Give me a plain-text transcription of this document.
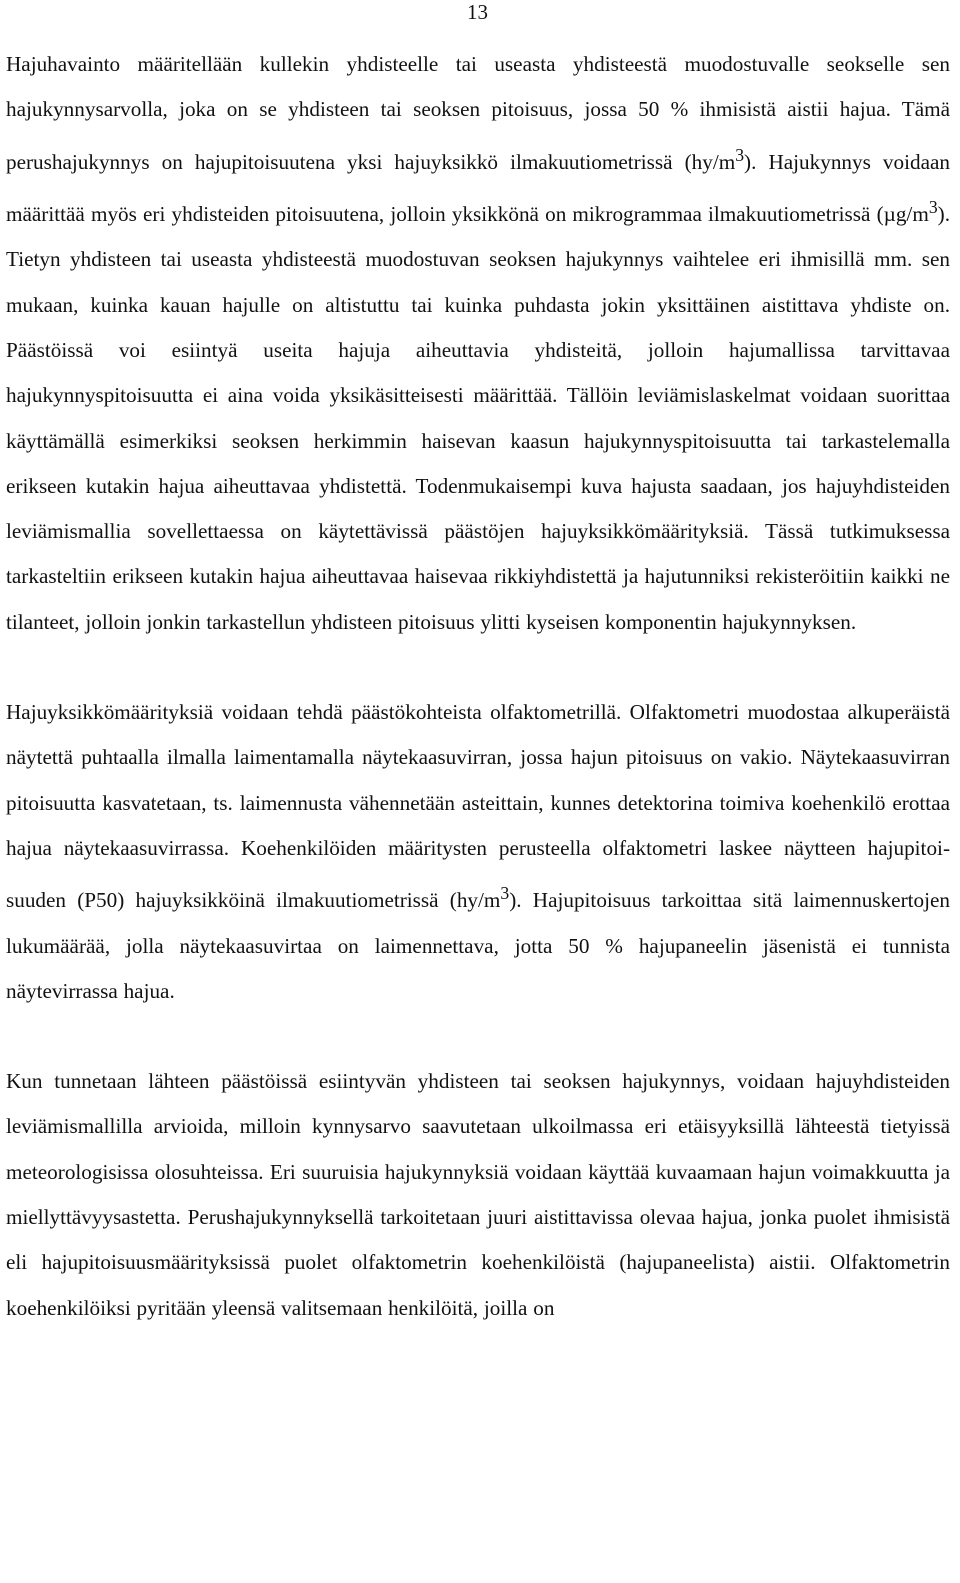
13

Hajuhavainto määritellään kullekin yhdisteelle tai useasta yhdisteestä muodostuvalle seokselle sen hajukynnysarvolla, joka on se yhdisteen tai seoksen pitoisuus, jossa 50 % ihmisistä aistii hajua. Tämä perushajukynnys on hajupitoisuutena yksi hajuyksikkö ilmakuutiometrissä $(hy/m^3)$. Hajukynnys voidaan määrittää myös eri yhdisteiden pitoisuutena, jolloin yksikkönä on mikrogrammaa ilmakuutiometrissä $(\mu g/m^3)$. Tietyn yhdisteen tai useasta yhdisteestä muodostuvan seoksen hajukynnys vaihtelee eri ihmisillä mm. sen mukaan, kuinka kauan hajulle on altistuttu tai kuinka puhdasta jokin yksittäinen aistittava yhdiste on. Päästöissä voi esiintyä useita hajuja aiheuttavia yhdisteitä, jolloin hajumallissa tarvittavaa hajukynnyspitoisuutta ei aina voida yksikäsitteisesti määrittää. Tällöin leviämislaskelmat voidaan suorittaa käyttämällä esimerkiksi seoksen herkimmin haisevan kaasun hajukynnyspitoisuutta tai tarkastelemalla erikseen kutakin hajua aiheuttavaa yhdistettä. Todenmukaisempi kuva hajusta saadaan, jos hajuyhdisteiden leviämismallia sovellettaessa on käytettävissä päästöjen hajuyksikkömäärityksiä. Tässä tutkimuksessa tarkasteltiin erikseen kutakin hajua aiheuttavaa haisevaa rikkiyhdistettä ja hajutunniksi rekisteröitiin kaikki ne tilanteet, jolloin jonkin tarkastellun yhdisteen pitoisuus ylitti kyseisen komponentin hajukynnyksen.

Hajuyksikkömäärityksiä voidaan tehdä päästökohteista olfaktometrillä. Olfaktometri muodostaa alkuperäistä näytettä puhtaalla ilmalla laimentamalla näytekaasuvirran, jossa hajun pitoisuus on vakio. Näytekaasuvirran pitoisuutta kasvatetaan, ts. laimennusta vähennetään asteittain, kunnes detektorina toimiva koehenkilö erottaa hajua näytekaasuvirrassa. Koehenkilöiden määritysten perusteella olfaktometri laskee näytteen hajupitoisuuden (P50) hajuyksikköinä ilmakuutiometrissä $(hy/m^3)$. Hajupitoisuus tarkoittaa sitä laimennuskertojen lukumäärää, jolla näytekaasuvirtaa on laimennettava, jotta 50 % hajupaneelin jäsenistä ei tunnista näytevirrassa hajua.

Kun tunnetaan lähteen päästöissä esiintyvän yhdisteen tai seoksen hajukynnys, voidaan hajuyhdisteiden leviämismallilla arvioida, milloin kynnysarvo saavutetaan ulkoilmassa eri etäisyyksillä lähteestä tietyissä meteorologisissa olosuhteissa. Eri suuruisia hajukynnyksiä voidaan käyttää kuvaamaan hajun voimakkuutta ja miellyttävyysastetta. Perushajukynnyksellä tarkoitetaan juuri aistittavissa olevaa hajua, jonka puolet ihmisistä eli hajupitoisuusmäärityksissä puolet olfaktometrin koehenkilöistä (hajupaneelista) aistii. Olfaktometrin koehenkilöiksi pyritään yleensä valitsemaan henkilöitä, joilla on
